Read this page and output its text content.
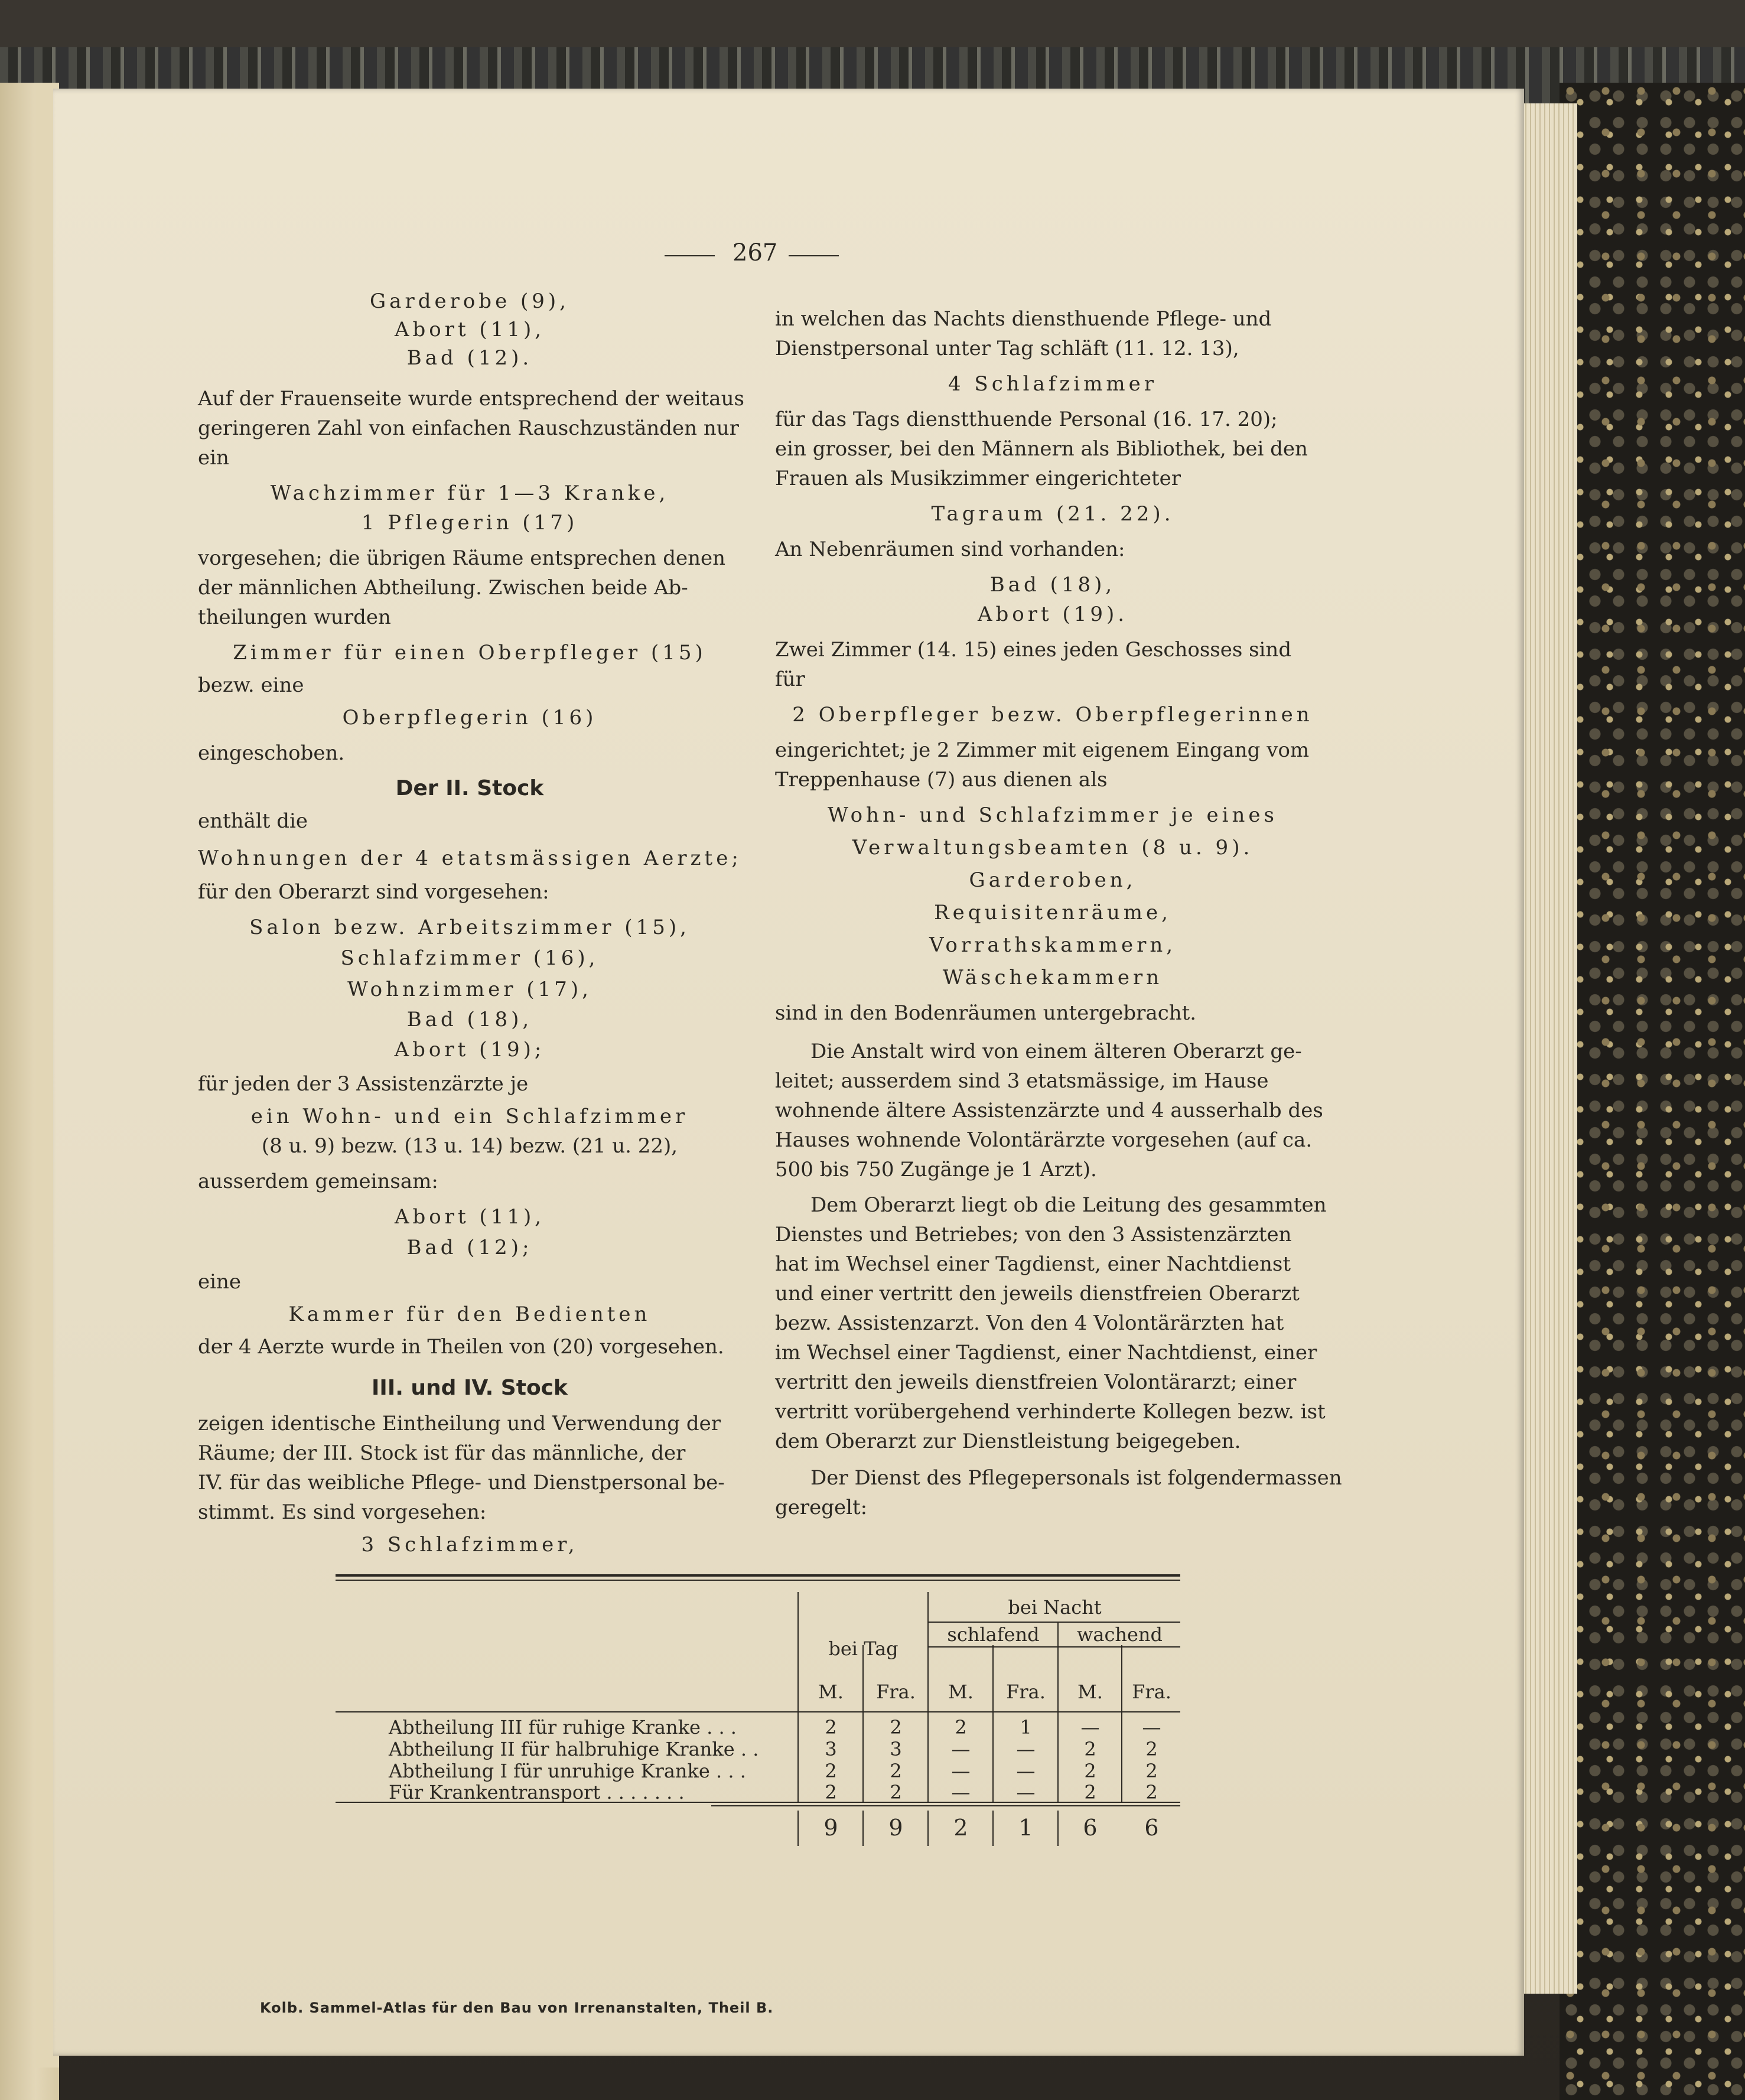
267
Garderobe (9),
Abort (11),
Bad (12).
Auf der Frauenseite wurde entsprechend der weitaus
geringeren Zahl von einfachen Rauschzuständen nur
ein
Wachzimmer für 1—3 Kranke,
1 Pflegerin (17)
vorgesehen; die übrigen Räume entsprechen denen
der männlichen Abtheilung. Zwischen beide Ab-
theilungen wurden
Zimmer für einen Oberpfleger (15)
bezw. eine
Oberpflegerin (16)
eingeschoben.
Der II. Stock
enthält die
Wohnungen der 4 etatsmässigen Aerzte;
für den Oberarzt sind vorgesehen:
Salon bezw. Arbeitszimmer (15),
Schlafzimmer (16),
Wohnzimmer (17),
Bad (18),
Abort (19);
für jeden der 3 Assistenzärzte je
ein Wohn- und ein Schlafzimmer
(8 u. 9) bezw. (13 u. 14) bezw. (21 u. 22),
ausserdem gemeinsam:
Abort (11),
Bad (12);
eine
Kammer für den Bedienten
der 4 Aerzte wurde in Theilen von (20) vorgesehen.
III. und IV. Stock
zeigen identische Eintheilung und Verwendung der
Räume; der III. Stock ist für das männliche, der
IV. für das weibliche Pflege- und Dienstpersonal be-
stimmt. Es sind vorgesehen:
3 Schlafzimmer,
in welchen das Nachts diensthuende Pflege- und
Dienstpersonal unter Tag schläft (11. 12. 13),
4 Schlafzimmer
für das Tags dienstthuende Personal (16. 17. 20);
ein grosser, bei den Männern als Bibliothek, bei den
Frauen als Musikzimmer eingerichteter
Tagraum (21. 22).
An Nebenräumen sind vorhanden:
Bad (18),
Abort (19).
Zwei Zimmer (14. 15) eines jeden Geschosses sind
für
2 Oberpfleger bezw. Oberpflegerinnen
eingerichtet; je 2 Zimmer mit eigenem Eingang vom
Treppenhause (7) aus dienen als
Wohn- und Schlafzimmer je eines
Verwaltungsbeamten (8 u. 9).
Garderoben,
Requisitenräume,
Vorrathskammern,
Wäschekammern
sind in den Bodenräumen untergebracht.
Die Anstalt wird von einem älteren Oberarzt ge-
leitet; ausserdem sind 3 etatsmässige, im Hause
wohnende ältere Assistenzärzte und 4 ausserhalb des
Hauses wohnende Volontärärzte vorgesehen (auf ca.
500 bis 750 Zugänge je 1 Arzt).
Dem Oberarzt liegt ob die Leitung des gesammten
Dienstes und Betriebes; von den 3 Assistenzärzten
hat im Wechsel einer Tagdienst, einer Nachtdienst
und einer vertritt den jeweils dienstfreien Oberarzt
bezw. Assistenzarzt. Von den 4 Volontärärzten hat
im Wechsel einer Tagdienst, einer Nachtdienst, einer
vertritt den jeweils dienstfreien Volontärarzt; einer
vertritt vorübergehend verhinderte Kollegen bezw. ist
dem Oberarzt zur Dienstleistung beigegeben.
Der Dienst des Pflegepersonals ist folgendermassen
geregelt:
bei Tag
bei Nacht
schlafend	wachend
M.	Fra.	M.	Fra.	M.	Fra.
Abtheilung III für ruhige Kranke . . .	2	2	2	1	—	—
Abtheilung II für halbruhige Kranke . .	3	3	—	—	2	2
Abtheilung I für unruhige Kranke . . .	2	2	—	—	2	2
Für Krankentransport . . . . . . .	2	2	—	—	2	2
9	9	2	1	6	6
Kolb. Sammel-Atlas für den Bau von Irrenanstalten, Theil B.
